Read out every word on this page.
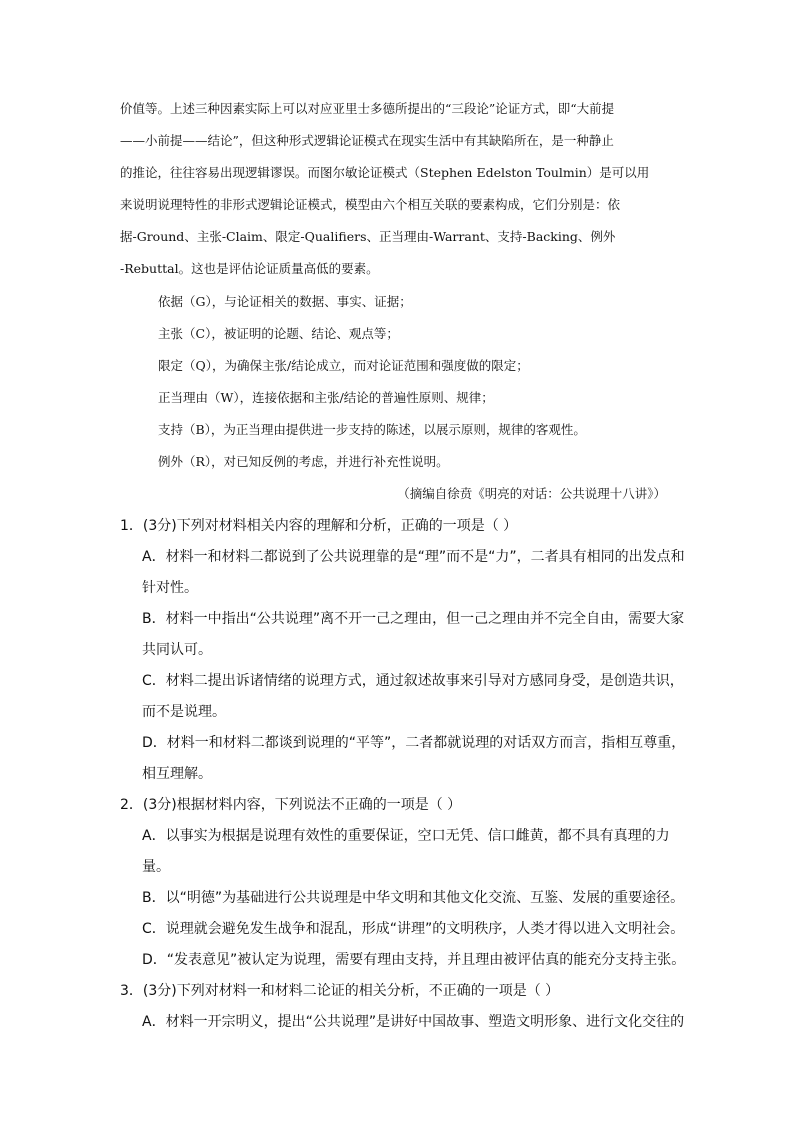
价值等。上述三种因素实际上可以对应亚里士多德所提出的“三段论”论证方式，即“大前提
——小前提——结论”，但这种形式逻辑论证模式在现实生活中有其缺陷所在，是一种静止
的推论，往往容易出现逻辑谬误。而图尔敏论证模式（Stephen Edelston Toulmin）是可以用
来说明说理特性的非形式逻辑论证模式，模型由六个相互关联的要素构成，它们分别是：依
据-Ground、主张-Claim、限定-Qualifiers、正当理由-Warrant、支持-Backing、例外
-Rebuttal。这也是评估论证质量高低的要素。
依据（G），与论证相关的数据、事实、证据；
主张（C），被证明的论题、结论、观点等；
限定（Q），为确保主张/结论成立，而对论证范围和强度做的限定；
正当理由（W），连接依据和主张/结论的普遍性原则、规律；
支持（B），为正当理由提供进一步支持的陈述，以展示原则，规律的客观性。
例外（R），对已知反例的考虑，并进行补充性说明。
（摘编自徐贲《明亮的对话：公共说理十八讲》）
1．(3分)下列对材料相关内容的理解和分析，正确的一项是（ ）
A．材料一和材料二都说到了公共说理靠的是“理”而不是“力”，二者具有相同的出发点和
针对性。
B．材料一中指出“公共说理”离不开一己之理由，但一己之理由并不完全自由，需要大家
共同认可。
C．材料二提出诉诸情绪的说理方式，通过叙述故事来引导对方感同身受，是创造共识，
而不是说理。
D．材料一和材料二都谈到说理的“平等”，二者都就说理的对话双方而言，指相互尊重，
相互理解。
2．(3分)根据材料内容，下列说法不正确的一项是（ ）
A．以事实为根据是说理有效性的重要保证，空口无凭、信口雌黄，都不具有真理的力
量。
B．以“明德”为基础进行公共说理是中华文明和其他文化交流、互鉴、发展的重要途径。
C．说理就会避免发生战争和混乱，形成“讲理”的文明秩序，人类才得以进入文明社会。
D．“发表意见”被认定为说理，需要有理由支持，并且理由被评估真的能充分支持主张。
3．(3分)下列对材料一和材料二论证的相关分析，不正确的一项是（ ）
A．材料一开宗明义，提出“公共说理”是讲好中国故事、塑造文明形象、进行文化交往的
